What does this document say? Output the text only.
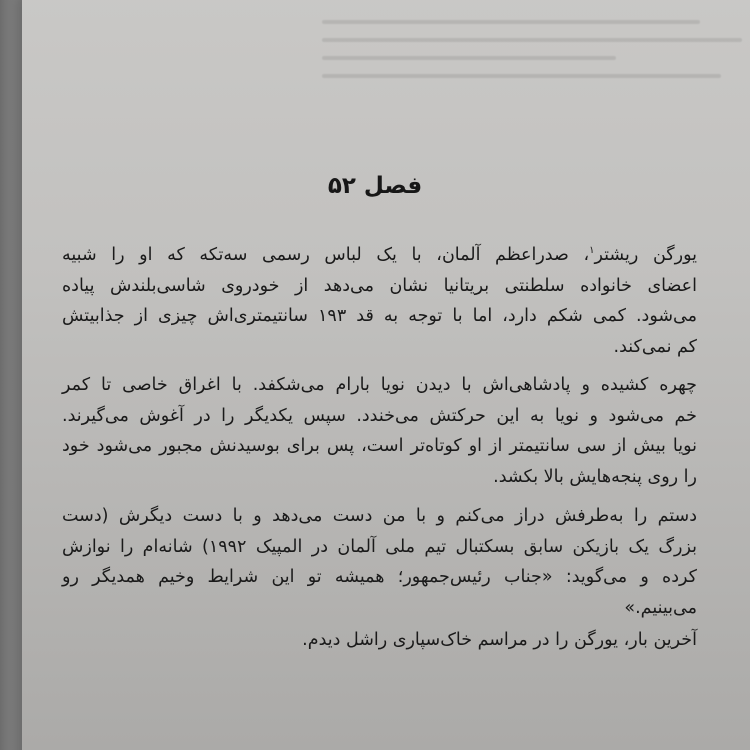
فصل ۵۲
یورگن ریشتر$^۱$، صدراعظم آلمان، با یک لباس رسمی سه‌تکه که او را شبیه
اعضای خانواده سلطنتی بریتانیا نشان می‌دهد از خودروی شاسی‌بلندش پیاده
می‌شود. کمی شکم دارد، اما با توجه به قد ۱۹۳ سانتیمتری‌اش چیزی از جذابیتش
کم نمی‌کند.
چهره کشیده و پادشاهی‌اش با دیدن نویا بارام می‌شکفد. با اغراق خاصی تا کمر
خم می‌شود و نویا به این حرکتش می‌خندد. سپس یکدیگر را در آغوش می‌گیرند.
نویا بیش از سی سانتیمتر از او کوتاه‌تر است، پس برای بوسیدنش مجبور می‌شود خود
را روی پنجه‌هایش بالا بکشد.
دستم را به‌طرفش دراز می‌کنم و با من دست می‌دهد و با دست دیگرش (دست
بزرگ یک بازیکن سابق بسکتبال تیم ملی آلمان در المپیک ۱۹۹۲) شانه‌ام را نوازش
کرده و می‌گوید: «جناب رئیس‌جمهور؛ همیشه تو این شرایط وخیم همدیگر رو
می‌بینیم.»
آخرین بار، یورگن را در مراسم خاک‌سپاری راشل دیدم.
